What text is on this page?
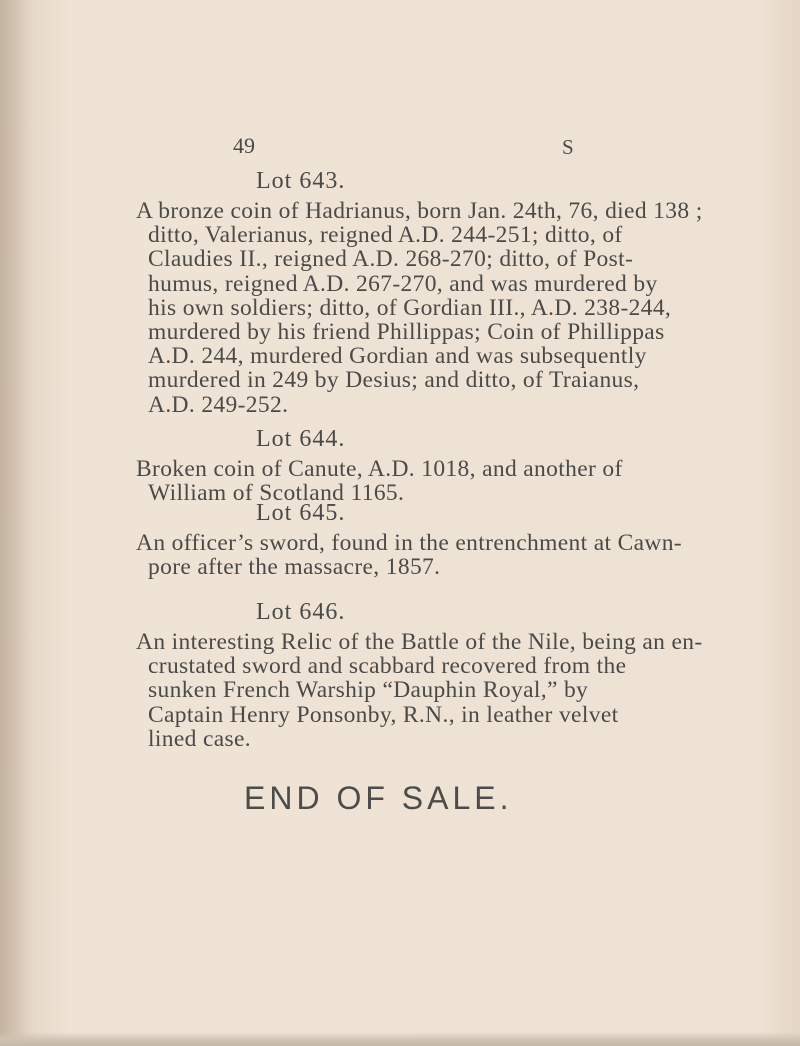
49	S
Lot 643.
A bronze coin of Hadrianus, born Jan. 24th, 76, died 138 ;
ditto, Valerianus, reigned A.D. 244-251; ditto, of
Claudies II., reigned A.D. 268-270; ditto, of Post-
humus, reigned A.D. 267-270, and was murdered by
his own soldiers; ditto, of Gordian III., A.D. 238-244,
murdered by his friend Phillippas; Coin of Phillippas
A.D. 244, murdered Gordian and was subsequently
murdered in 249 by Desius; and ditto, of Traianus,
A.D. 249-252.
Lot 644.
Broken coin of Canute, A.D. 1018, and another of
William of Scotland 1165.
Lot 645.
An officer’s sword, found in the entrenchment at Cawn-
pore after the massacre, 1857.
Lot 646.
An interesting Relic of the Battle of the Nile, being an en-
crustated sword and scabbard recovered from the
sunken French Warship “Dauphin Royal,” by
Captain Henry Ponsonby, R.N., in leather velvet
lined case.
END OF SALE.
